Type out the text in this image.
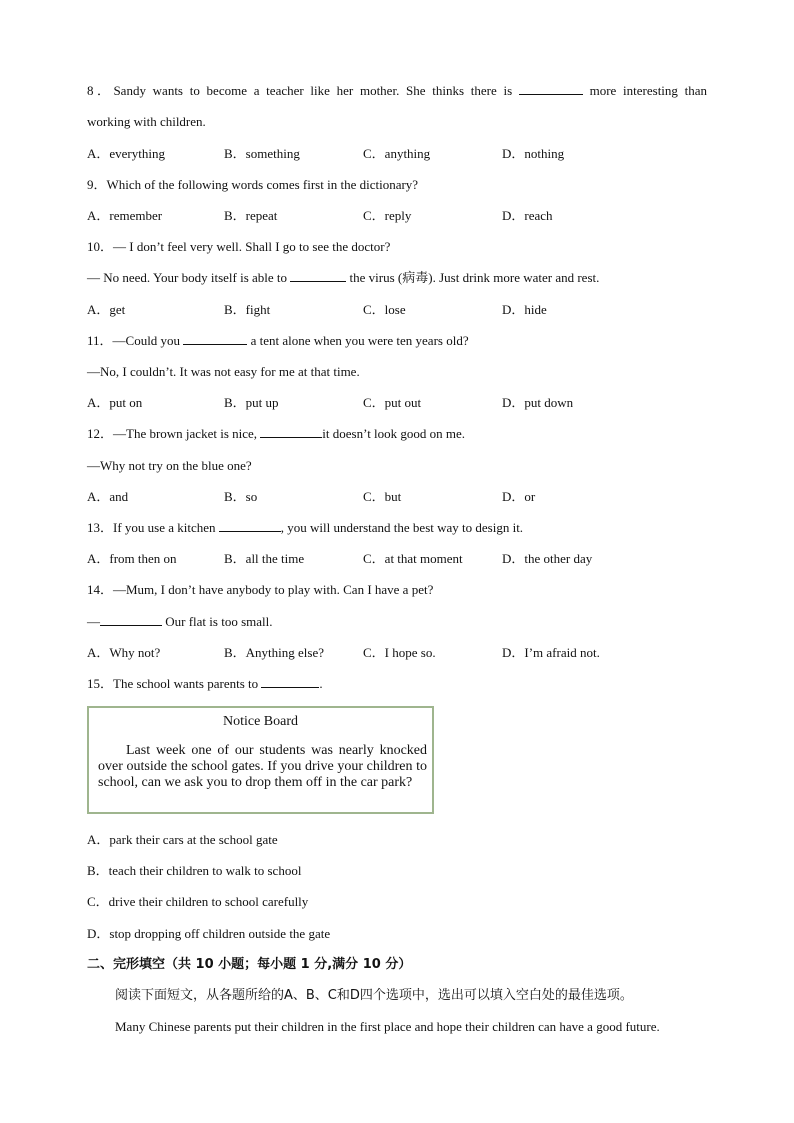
8．Sandy wants to become a teacher like her mother. She thinks there is	more interesting than
working with children.
A．everything	B．something	C．anything	D．nothing
9．Which of the following words comes first in the dictionary?
A．remember	B．repeat	C．reply	D．reach
10．— I don’t feel very well. Shall I go to see the doctor?
— No need. Your body itself is able to	the virus (病毒). Just drink more water and rest.
A．get	B．fight	C．lose	D．hide
11．—Could you	a tent alone when you were ten years old?
—No, I couldn’t. It was not easy for me at that time.
A．put on	B．put up	C．put out	D．put down
12．—The brown jacket is nice,	it doesn’t look good on me.
—Why not try on the blue one?
A．and	B．so	C．but	D．or
13．If you use a kitchen	, you will understand the best way to design it.
A．from then on	B．all the time	C．at that moment	D．the other day
14．—Mum, I don’t have anybody to play with. Can I have a pet?
—	Our flat is too small.
A．Why not?	B．Anything else?	C．I hope so.	D．I’m afraid not.
15．The school wants parents to	.
Notice Board
Last week one of our students was nearly knocked over outside the school gates. If you drive your children to school, can we ask you to drop them off in the car park?
A．park their cars at the school gate
B．teach their children to walk to school
C．drive their children to school carefully
D．stop dropping off children outside the gate
二、完形填空（共 10 小题；每小题 1 分,满分 10 分）
阅读下面短文，从各题所给的A、B、C和D四个选项中，选出可以填入空白处的最佳选项。
Many Chinese parents put their children in the first place and hope their children can have a good future.
